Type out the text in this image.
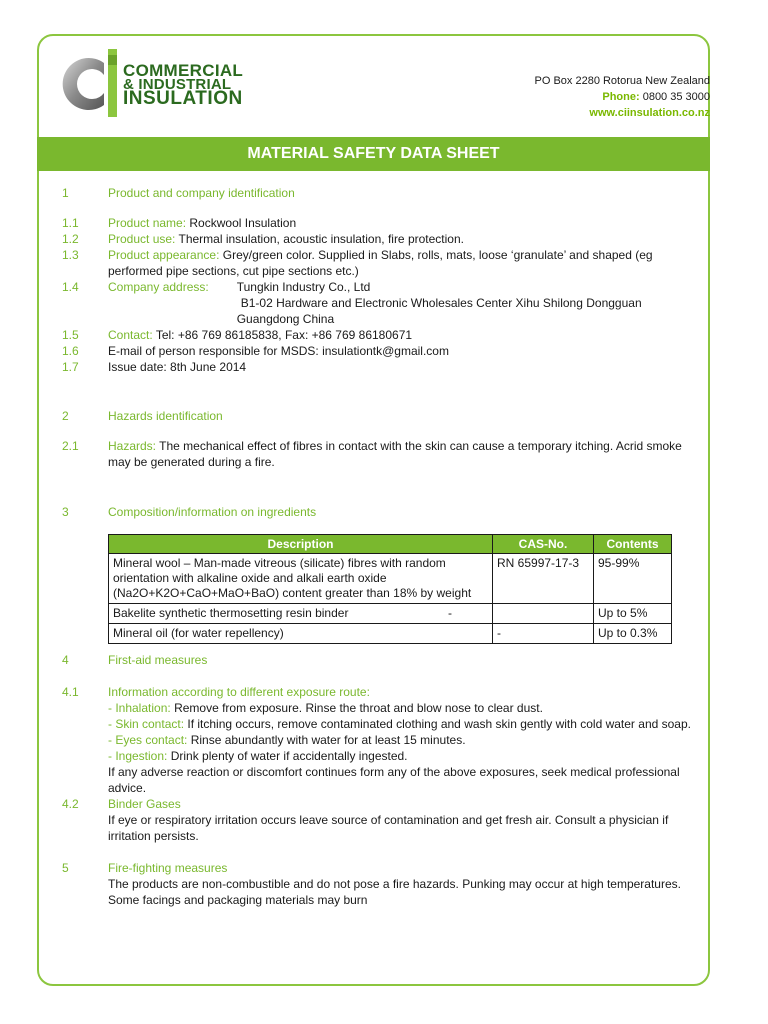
COMMERCIAL
& INDUSTRIAL
INSULATION
PO Box 2280 Rotorua New Zealand
Phone: 0800 35 3000
www.ciinsulation.co.nz
MATERIAL SAFETY DATA SHEET
1	Product and company identification
1.1 Product name: Rockwool Insulation
1.2 Product use: Thermal insulation, acoustic insulation, fire protection.
1.3 Product appearance: Grey/green color. Supplied in Slabs, rolls, mats, loose ‘granulate’ and shaped (eg performed pipe sections, cut pipe sections etc.)
1.4 Company address: Tungkin Industry Co., Ltd
B1-02 Hardware and Electronic Wholesales Center Xihu Shilong Dongguan
Guangdong China
1.5 Contact: Tel: +86 769 86185838, Fax: +86 769 86180671
1.6 E-mail of person responsible for MSDS: insulationtk@gmail.com
1.7 Issue date: 8th June 2014
2	Hazards identification
2.1 Hazards: The mechanical effect of fibres in contact with the skin can cause a temporary itching. Acrid smoke may be generated during a fire.
3	Composition/information on ingredients
Description	CAS-No.	Contents
Mineral wool – Man-made vitreous (silicate) fibres with random orientation with alkaline oxide and alkali earth oxide (Na2O+K2O+CaO+MaO+BaO) content greater than 18% by weight	RN 65997-17-3	95-99%
Bakelite synthetic thermosetting resin binder -		Up to 5%
Mineral oil (for water repellency)	-	Up to 0.3%
4	First-aid measures
4.1 Information according to different exposure route:
- Inhalation: Remove from exposure. Rinse the throat and blow nose to clear dust.
- Skin contact: If itching occurs, remove contaminated clothing and wash skin gently with cold water and soap.
- Eyes contact: Rinse abundantly with water for at least 15 minutes.
- Ingestion: Drink plenty of water if accidentally ingested.
If any adverse reaction or discomfort continues form any of the above exposures, seek medical professional advice.
4.2 Binder Gases
If eye or respiratory irritation occurs leave source of contamination and get fresh air. Consult a physician if irritation persists.
5	Fire-fighting measures
The products are non-combustible and do not pose a fire hazards. Punking may occur at high temperatures. Some facings and packaging materials may burn
